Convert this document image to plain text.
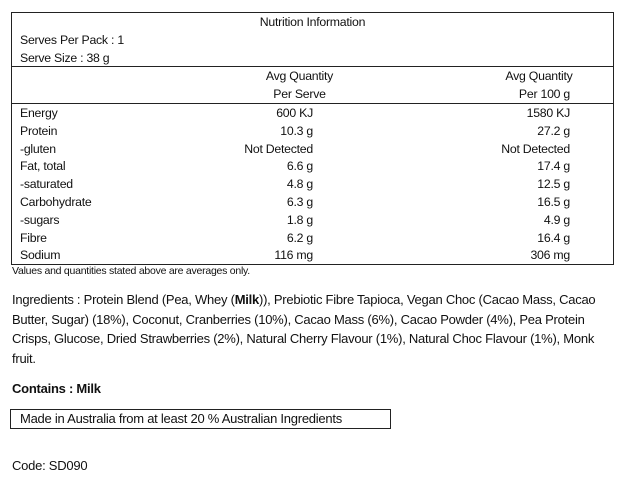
Nutrition Information
Serves Per Pack : 1
Serve Size : 38 g
Avg Quantity
Per Serve
Avg Quantity
Per 100 g
Energy	600 KJ	1580 KJ
Protein	10.3 g	27.2 g
-gluten	Not Detected	Not Detected
Fat, total	6.6 g	17.4 g
-saturated	4.8 g	12.5 g
Carbohydrate	6.3 g	16.5 g
-sugars	1.8 g	4.9 g
Fibre	6.2 g	16.4 g
Sodium	116 mg	306 mg
Values and quantities stated above are averages only.
Ingredients : Protein Blend (Pea, Whey (Milk)), Prebiotic Fibre Tapioca, Vegan Choc (Cacao Mass, Cacao Butter, Sugar) (18%), Coconut, Cranberries (10%), Cacao Mass (6%), Cacao Powder (4%), Pea Protein Crisps, Glucose, Dried Strawberries (2%), Natural Cherry Flavour (1%), Natural Choc Flavour (1%), Monk fruit.
Contains : Milk
Made in Australia from at least 20 % Australian Ingredients
Code: SD090
